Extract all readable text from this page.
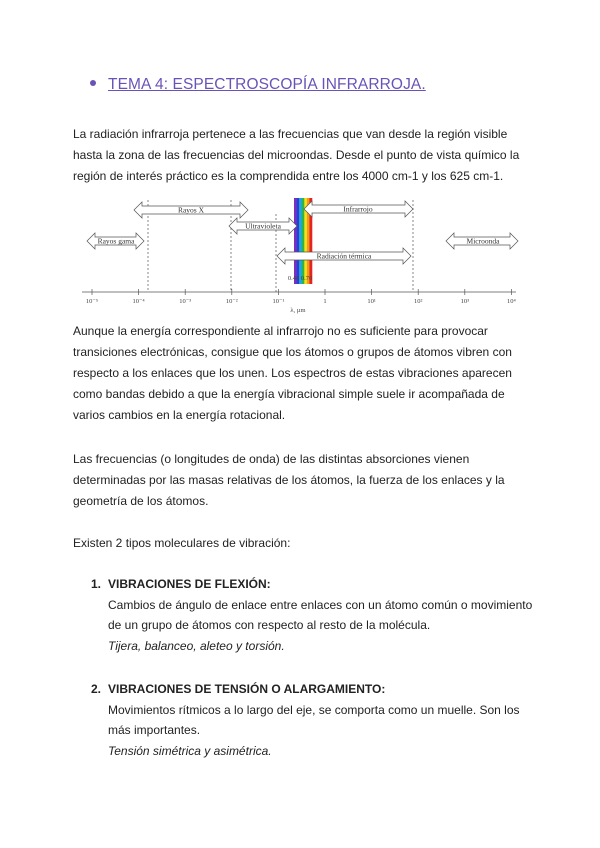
TEMA 4: ESPECTROSCOPÍA INFRARROJA.
La radiación infrarroja pertenece a las frecuencias que van desde la región visible hasta la zona de las frecuencias del microondas. Desde el punto de vista químico la región de interés práctico es la comprendida entre los 4000 cm-1 y los 625 cm-1.
Rayos X	Infrarrojo
Ultravioleta
Rayos gama	Microonda
Radiación térmica
0.40 0.70
10⁻⁵	10⁻⁴	10⁻³	10⁻²	10⁻¹	1	10¹	10²	10³	10⁴
λ, µm
Aunque la energía correspondiente al infrarrojo no es suficiente para provocar transiciones electrónicas, consigue que los átomos o grupos de átomos vibren con respecto a los enlaces que los unen. Los espectros de estas vibraciones aparecen como bandas debido a que la energía vibracional simple suele ir acompañada de varios cambios en la energía rotacional.
Las frecuencias (o longitudes de onda) de las distintas absorciones vienen determinadas por las masas relativas de los átomos, la fuerza de los enlaces y la geometría de los átomos.
Existen 2 tipos moleculares de vibración:
1. VIBRACIONES DE FLEXIÓN:
Cambios de ángulo de enlace entre enlaces con un átomo común o movimiento de un grupo de átomos con respecto al resto de la molécula.
Tijera, balanceo, aleteo y torsión.
2. VIBRACIONES DE TENSIÓN O ALARGAMIENTO:
Movimientos rítmicos a lo largo del eje, se comporta como un muelle. Son los más importantes.
Tensión simétrica y asimétrica.
